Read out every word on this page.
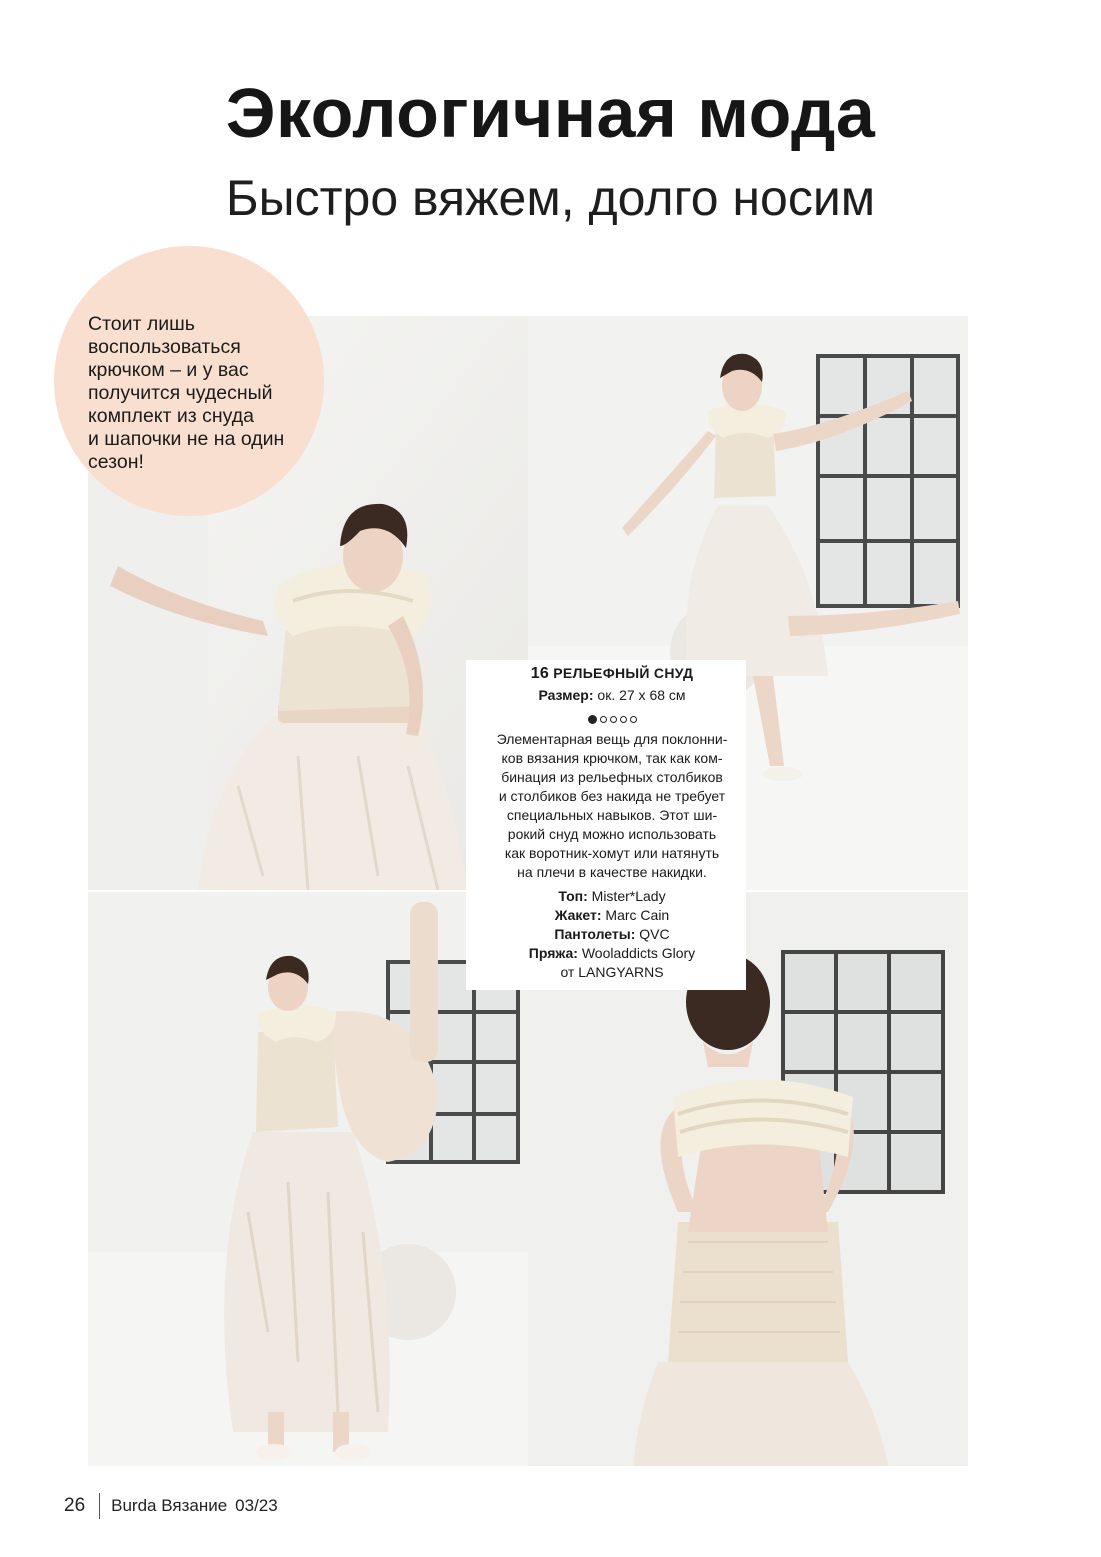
Экологичная мода
Быстро вяжем, долго носим
Стоит лишь
воспользоваться
крючком – и у вас
получится чудесный
комплект из снуда
и шапочки не на один
сезон!
16 РЕЛЬЕФНЫЙ СНУД
Размер: ок. 27 х 68 см
Элементарная вещь для поклонни-
ков вязания крючком, так как ком-
бинация из рельефных столбиков
и столбиков без накида не требует
специальных навыков. Этот ши-
рокий снуд можно использовать
как воротник-хомут или натянуть
на плечи в качестве накидки.
Топ: Mister*Lady
Жакет: Marc Cain
Пантолеты: QVC
Пряжа: Wooladdicts Glory
от LANGYARNS
26 Burda Вязание 03/23
